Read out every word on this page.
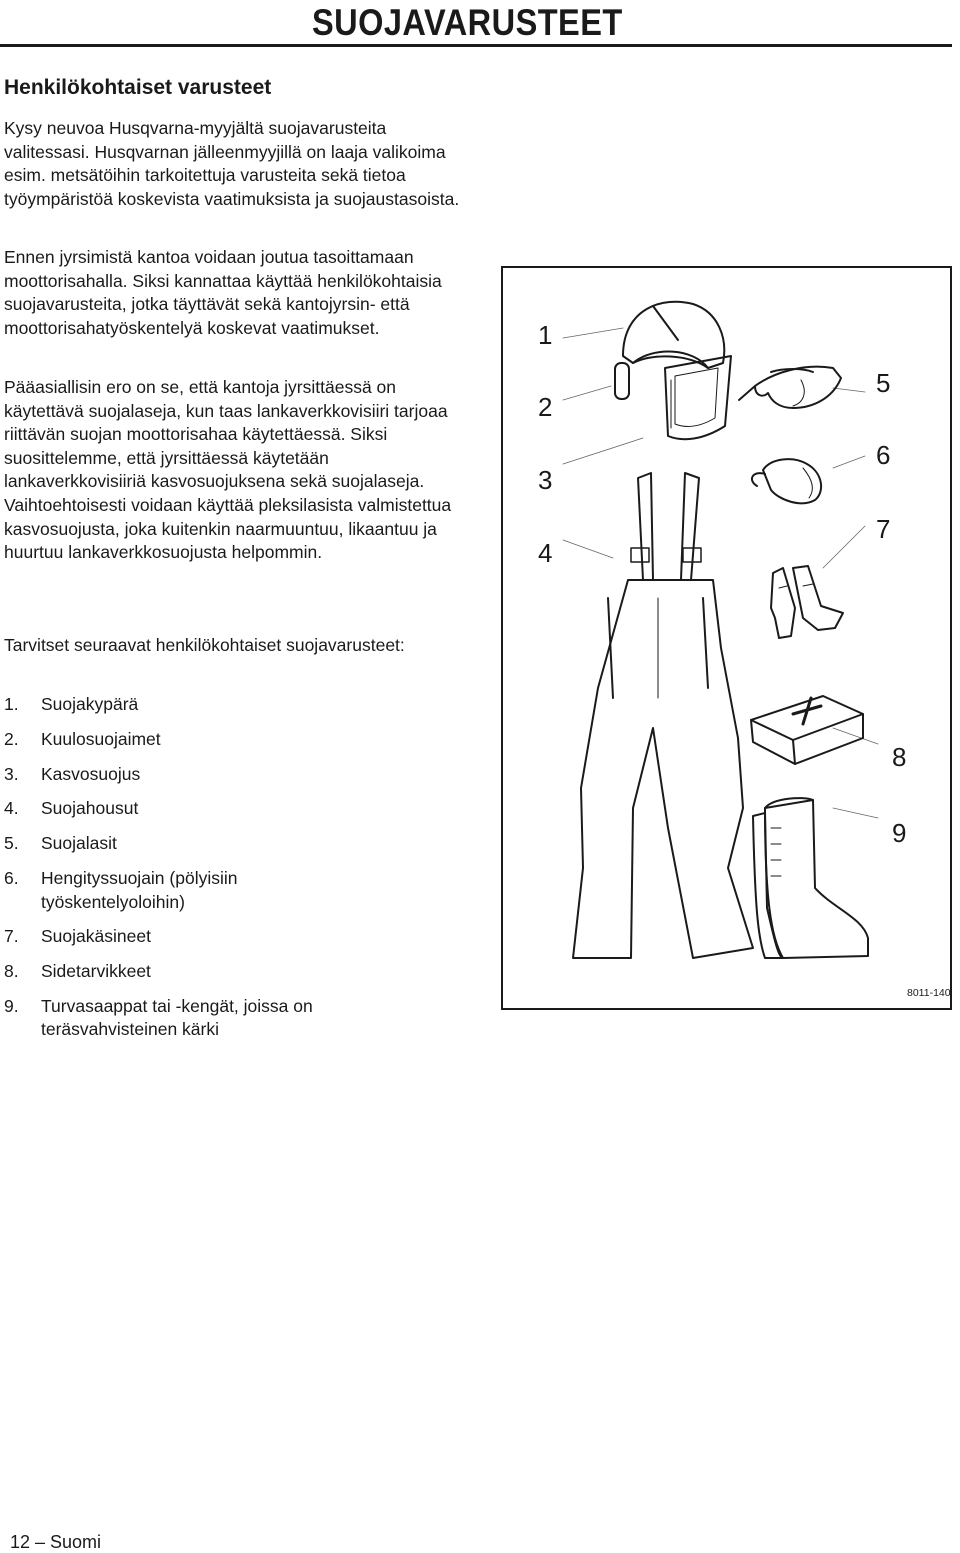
SUOJAVARUSTEET
Henkilökohtaiset varusteet

Kysy neuvoa Husqvarna-myyjältä suojavarusteita valitessasi. Husqvarnan jälleenmyyjillä on laaja valikoima esim. metsätöihin tarkoitettuja varusteita sekä tietoa työympäristöä koskevista vaatimuksista ja suojaustasoista.

Ennen jyrsimistä kantoa voidaan joutua tasoittamaan moottorisahalla. Siksi kannattaa käyttää henkilökohtaisia suojavarusteita, jotka täyttävät sekä kantojyrsin- että moottorisahatyöskentelyä koskevat vaatimukset.

Pääasiallisin ero on se, että kantoja jyrsittäessä on käytettävä suojalaseja, kun taas lankaverkkovisiiri tarjoaa riittävän suojan moottorisahaa käytettäessä. Siksi suosittelemme, että jyrsittäessä käytetään lankaverkkovisiiriä kasvosuojuksena sekä suojalaseja. Vaihtoehtoisesti voidaan käyttää pleksilasista valmistettua kasvosuojusta, joka kuitenkin naarmuuntuu, likaantuu ja huurtuu lankaverkkosuojusta helpommin.

Tarvitset seuraavat henkilökohtaiset suojavarusteet:

1. Suojakypärä
2. Kuulosuojaimet
3. Kasvosuojus
4. Suojahousut
5. Suojalasit
6. Hengityssuojain (pölyisiin työskentelyoloihin)
7. Suojakäsineet
8. Sidetarvikkeet
9. Turvasaappat tai -kengät, joissa on teräsvahvisteinen kärki
1
2
3
4
5
6
7
8
9
8011-140
12 – Suomi
